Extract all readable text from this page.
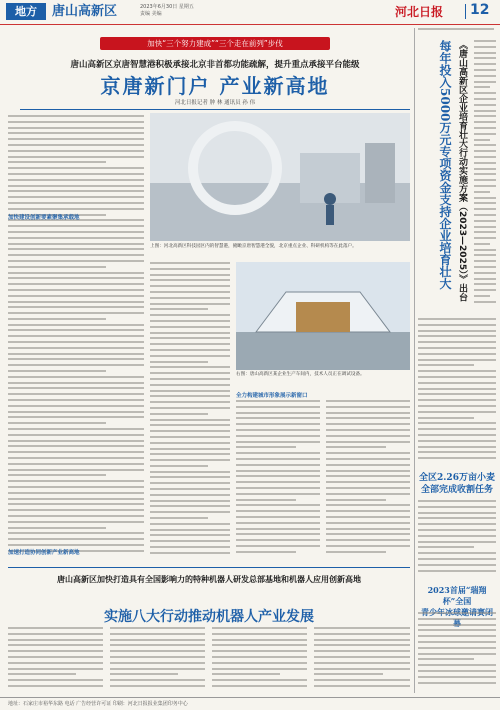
地方	唐山高新区	2023年6月30日 星期五
责编 美编	河北日报 12
加快“三个努力建成”“三个走在前列”步伐
唐山高新区京唐智慧港积极承接北京非首都功能疏解，提升重点承接平台能级
京唐新门户 产业新高地
河北日报记者 肿 林 通讯员 孙 伟
上图：河北高新区科技园区内的智慧港，俯瞰京唐智慧港全貌，北京重点企业、科研机构等在此落户。
加快建设创新要素聚集承载地
加速打造协同创新产业新高地
右图：唐山高新区某企业生产车间内，技术人员正在调试设备。
全力构建城市形象展示新窗口
唐山高新区加快打造具有全国影响力的特种机器人研发总部基地和机器人应用创新高地
实施八大行动推动机器人产业发展
《唐山高新区企业培育壮大行动实施方案（2023—2025）》出台
每年投入5000万元专项资金支持企业培育壮大
全区2.26万亩小麦
全部完成收割任务
2023首届“瑞翔杯”全国
地址：石家庄市裕华东路 电话 广告经营许可证 印刷：河北日报报业集团印务中心
